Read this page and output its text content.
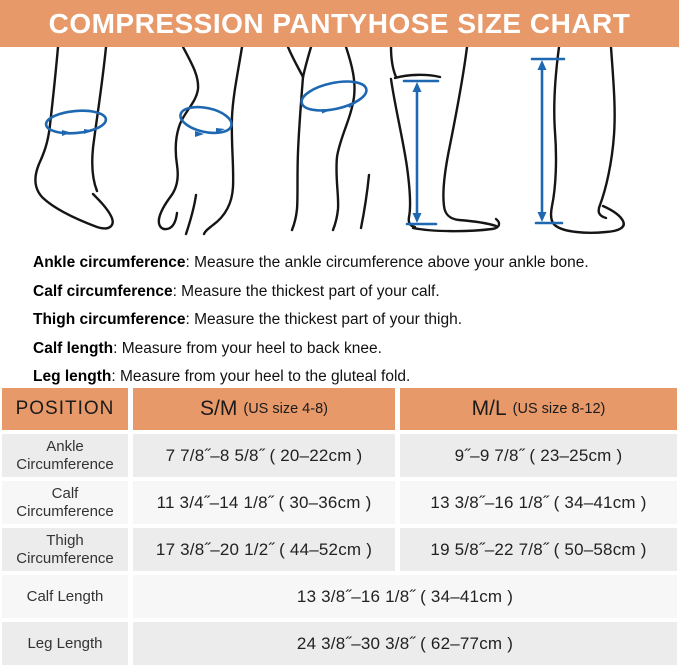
COMPRESSION PANTYHOSE SIZE CHART

Ankle circumference: Measure the ankle circumference above your ankle bone.

Calf circumference: Measure the thickest part of your calf.

Thigh circumference: Measure the thickest part of your thigh.

Calf length: Measure from your heel to back knee.

Leg length: Measure from your heel to the gluteal fold.

POSITION	S/M (US size 4-8)	M/L (US size 8-12)
Ankle
Circumference	7 7/8˝–8 5/8˝ ( 20–22cm )	9˝–9 7/8˝ ( 23–25cm )
Calf
Circumference	11 3/4˝–14 1/8˝ ( 30–36cm )	13 3/8˝–16 1/8˝ ( 34–41cm )
Thigh
Circumference	17 3/8˝–20 1/2˝ ( 44–52cm )	19 5/8˝–22 7/8˝ ( 50–58cm )
Calf Length	13 3/8˝–16 1/8˝ ( 34–41cm )
Leg Length	24 3/8˝–30 3/8˝ ( 62–77cm )
